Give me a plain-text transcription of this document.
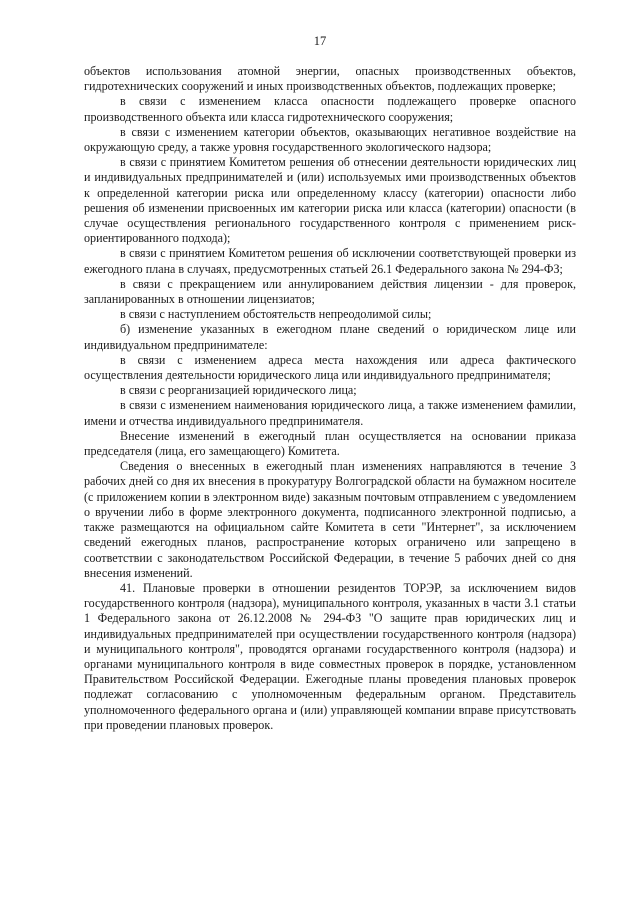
17

объектов использования атомной энергии, опасных производственных объектов, гидротехнических сооружений и иных производственных объектов, подлежащих проверке;

в связи с изменением класса опасности подлежащего проверке опасного производственного объекта или класса гидротехнического сооружения;

в связи с изменением категории объектов, оказывающих негативное воздействие на окружающую среду, а также уровня государственного экологического надзора;

в связи с принятием Комитетом решения об отнесении деятельности юридических лиц и индивидуальных предпринимателей и (или) используемых ими производственных объектов к определенной категории риска или определенному классу (категории) опасности либо решения об изменении присвоенных им категории риска или класса (категории) опасности (в случае осуществления регионального государственного контроля с применением риск-ориентированного подхода);

в связи с принятием Комитетом решения об исключении соответствующей проверки из ежегодного плана в случаях, предусмотренных статьей 26.1 Федерального закона № 294-ФЗ;

в связи с прекращением или аннулированием действия лицензии - для проверок, запланированных в отношении лицензиатов;

в связи с наступлением обстоятельств непреодолимой силы;

б) изменение указанных в ежегодном плане сведений о юридическом лице или индивидуальном предпринимателе:

в связи с изменением адреса места нахождения или адреса фактического осуществления деятельности юридического лица или индивидуального предпринимателя;

в связи с реорганизацией юридического лица;

в связи с изменением наименования юридического лица, а также изменением фамилии, имени и отчества индивидуального предпринимателя.

Внесение изменений в ежегодный план осуществляется на основании приказа председателя (лица, его замещающего) Комитета.

Сведения о внесенных в ежегодный план изменениях направляются в течение 3 рабочих дней со дня их внесения в прокуратуру Волгоградской области на бумажном носителе (с приложением копии в электронном виде) заказным почтовым отправлением с уведомлением о вручении либо в форме электронного документа, подписанного электронной подписью, а также размещаются на официальном сайте Комитета в сети "Интернет", за исключением сведений ежегодных планов, распространение которых ограничено или запрещено в соответствии с законодательством Российской Федерации, в течение 5 рабочих дней со дня внесения изменений.

41. Плановые проверки в отношении резидентов ТОРЭР, за исключением видов государственного контроля (надзора), муниципального контроля, указанных в части 3.1 статьи 1 Федерального закона от 26.12.2008 № 294-ФЗ "О защите прав юридических лиц и индивидуальных предпринимателей при осуществлении государственного контроля (надзора) и муниципального контроля", проводятся органами государственного контроля (надзора) и органами муниципального контроля в виде совместных проверок в порядке, установленном Правительством Российской Федерации. Ежегодные планы проведения плановых проверок подлежат согласованию с уполномоченным федеральным органом. Представитель уполномоченного федерального органа и (или) управляющей компании вправе присутствовать при проведении плановых проверок.
